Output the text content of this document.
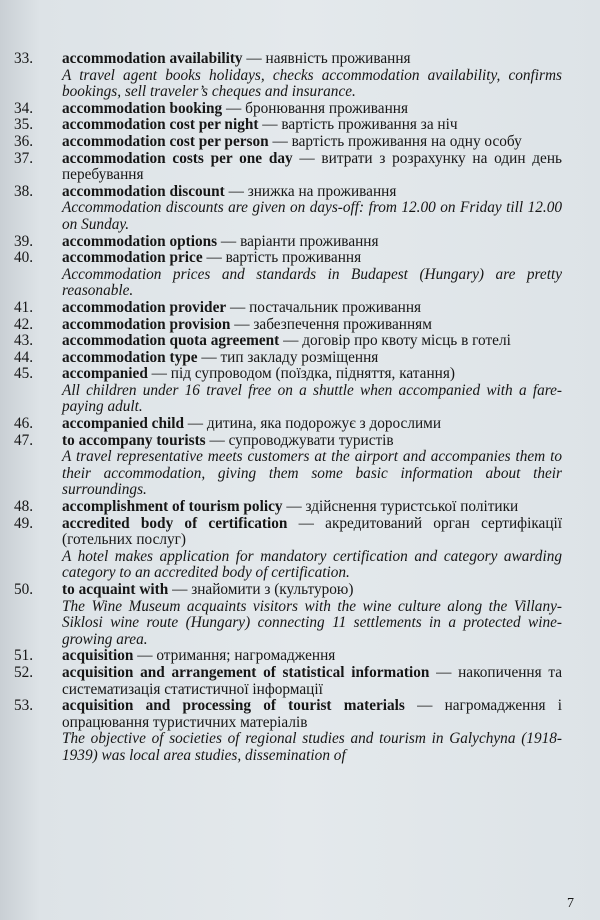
33.	accommodation availability — наявність проживання
A travel agent books holidays, checks accommodation availability, confirms bookings, sell traveler’s cheques and insurance.
34.	accommodation booking — бронювання проживання
35.	accommodation cost per night — вартість проживання за ніч
36.	accommodation cost per person — вартість проживання на одну особу
37.	accommodation costs per one day — витрати з розрахунку на один день перебування
38.	accommodation discount — знижка на проживання
Accommodation discounts are given on days-off: from 12.00 on Friday till 12.00 on Sunday.
39.	accommodation options — варіанти проживання
40.	accommodation price — вартість проживання
Accommodation prices and standards in Budapest (Hungary) are pretty reasonable.
41.	accommodation provider — постачальник проживання
42.	accommodation provision — забезпечення проживанням
43.	accommodation quota agreement — договір про квоту місць в готелі
44.	accommodation type — тип закладу розміщення
45.	accompanied — під супроводом (поїздка, підняття, катання)
All children under 16 travel free on a shuttle when accompanied with a fare-paying adult.
46.	accompanied child — дитина, яка подорожує з дорослими
47.	to accompany tourists — супроводжувати туристів
A travel representative meets customers at the airport and accompanies them to their accommodation, giving them some basic information about their surroundings.
48.	accomplishment of tourism policy — здійснення туристської політики
49.	accredited body of certification — акредитований орган сертифікації (готельних послуг)
A hotel makes application for mandatory certification and category awarding category to an accredited body of certification.
50.	to acquaint with — знайомити з (культурою)
The Wine Museum acquaints visitors with the wine culture along the Villany-Siklosi wine route (Hungary) connecting 11 settlements in a protected wine-growing area.
51.	acquisition — отримання; нагромадження
52.	acquisition and arrangement of statistical information — накопичення та систематизація статистичної інформації
53.	acquisition and processing of tourist materials — нагромадження і опрацювання туристичних матеріалів
The objective of societies of regional studies and tourism in Galychyna (1918-1939) was local area studies, dissemination of
7
